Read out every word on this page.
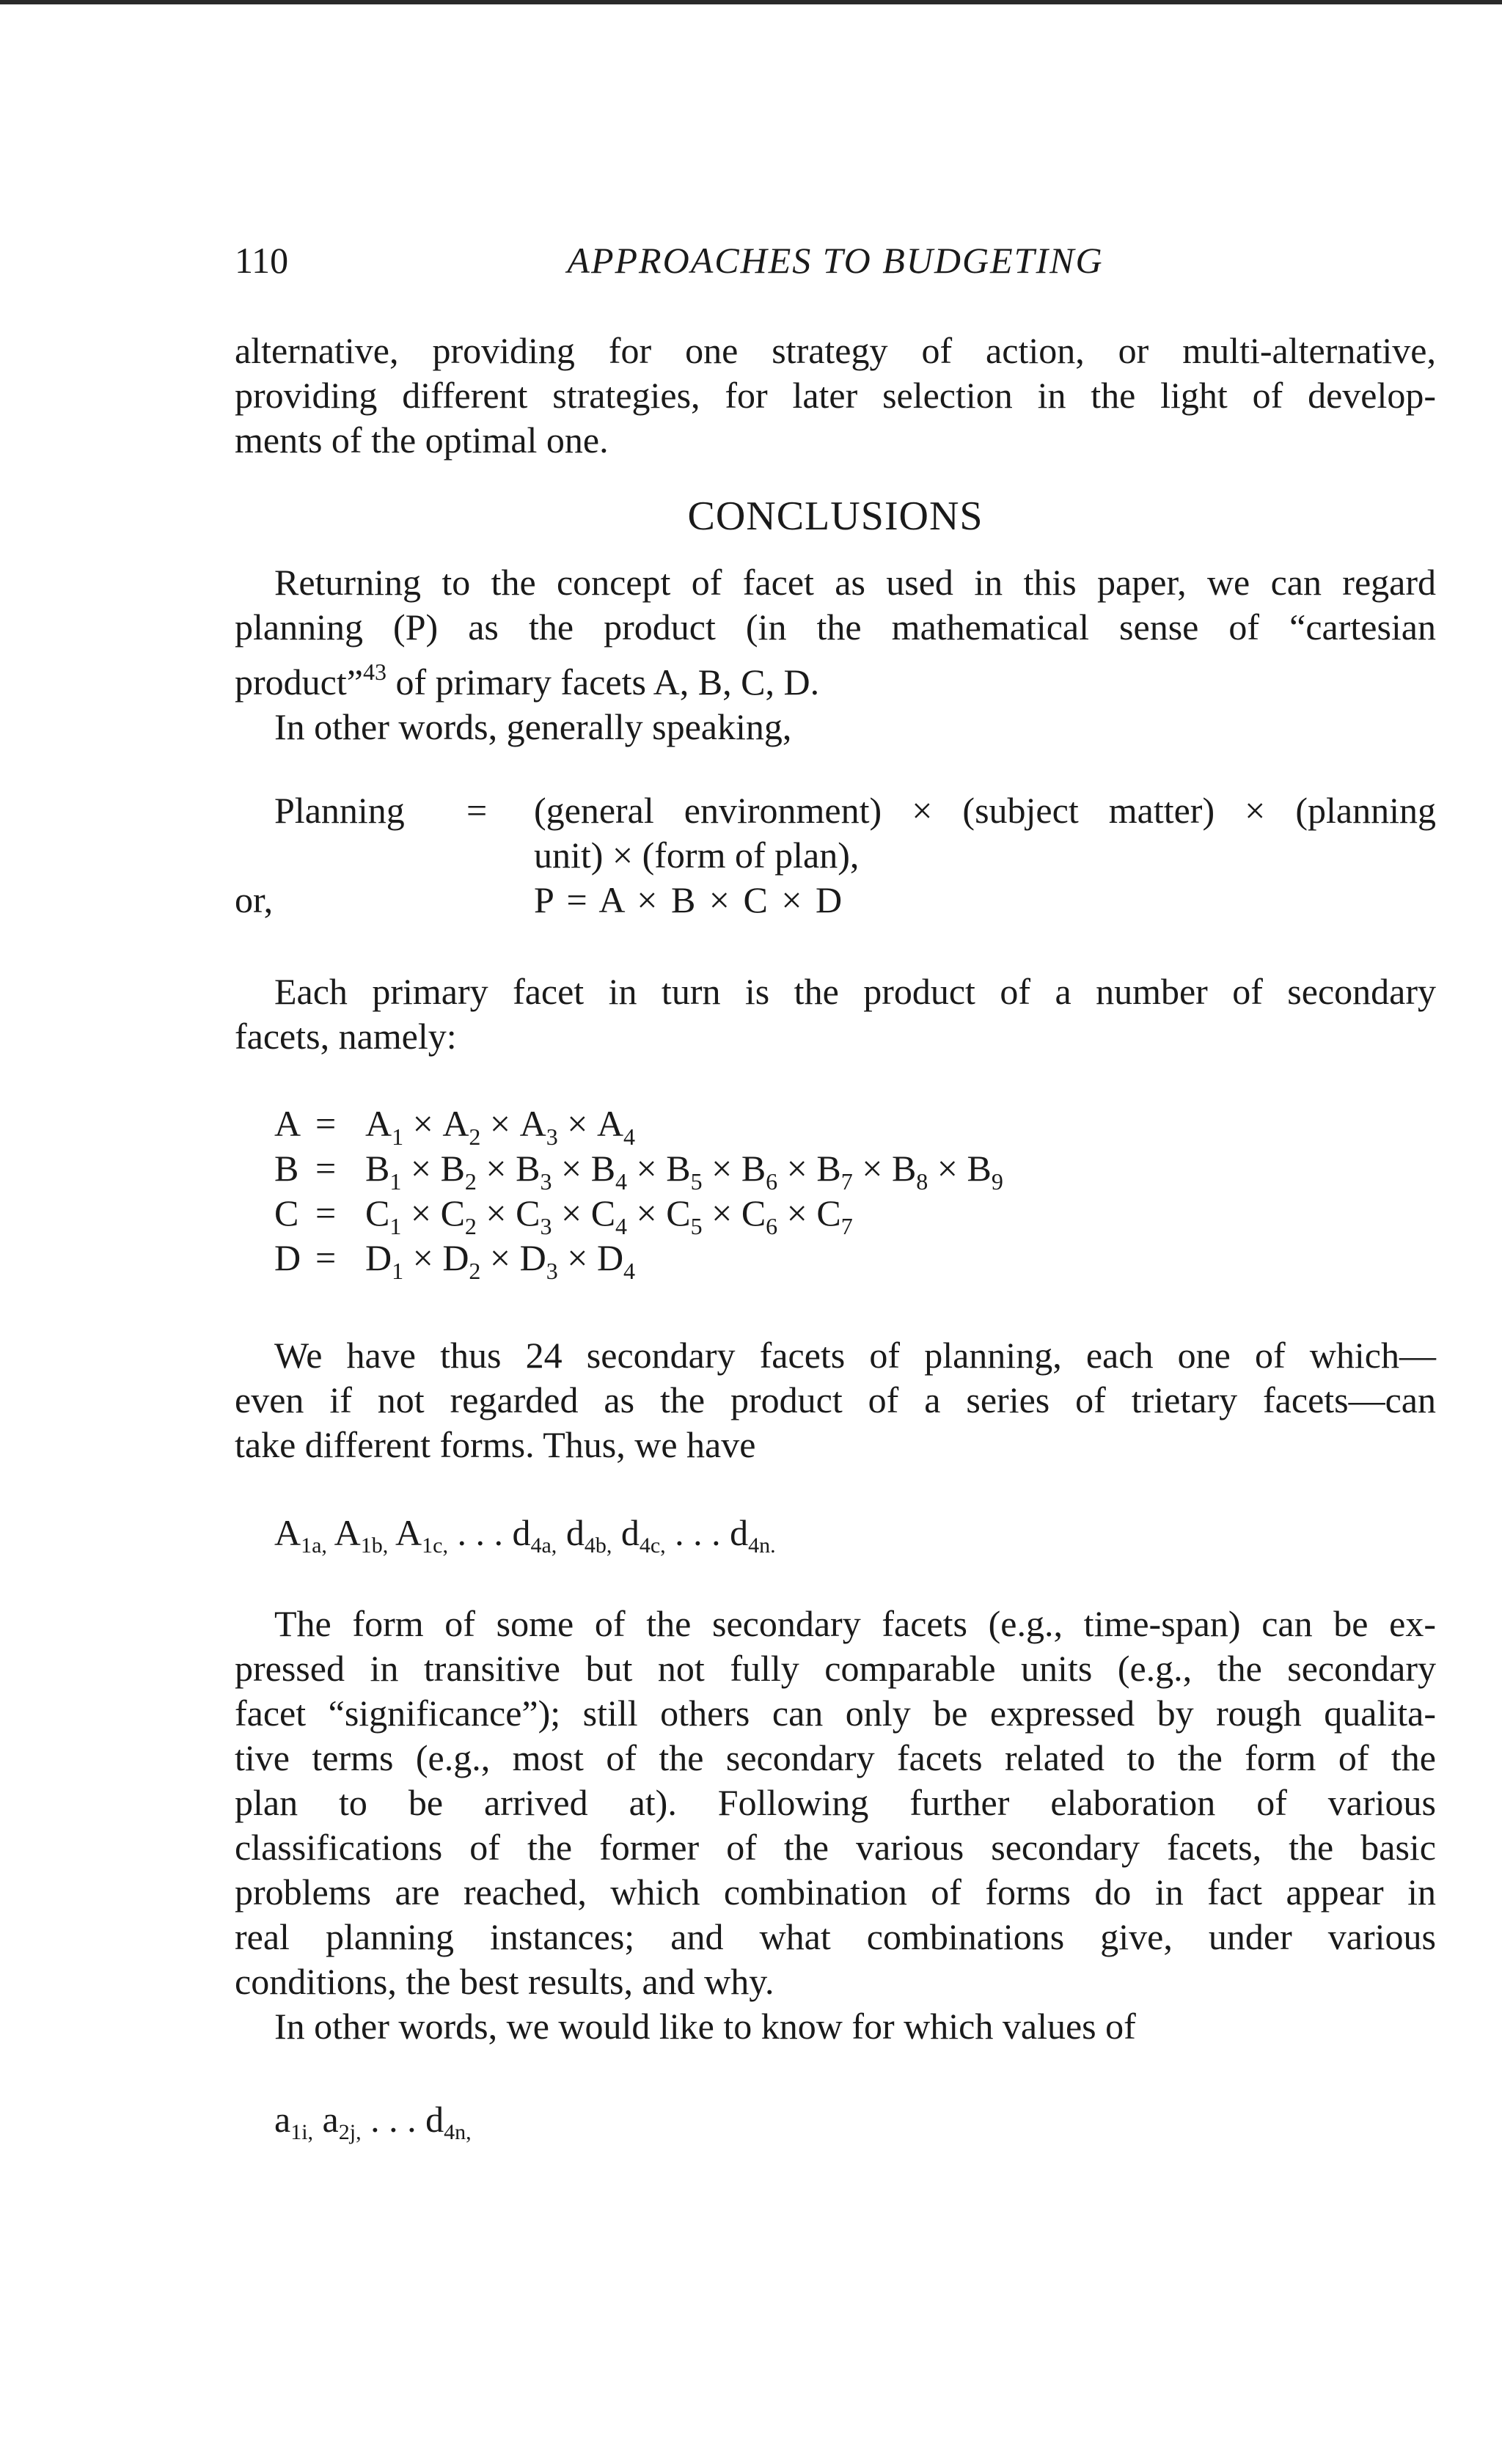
110	APPROACHES TO BUDGETING
alternative, providing for one strategy of action, or multi-alternative,
providing different strategies, for later selection in the light of develop-
ments of the optimal one.
CONCLUSIONS
Returning to the concept of facet as used in this paper, we can regard
planning (P) as the product (in the mathematical sense of “cartesian
product”$^{43}$ of primary facets A, B, C, D.
In other words, generally speaking,
Planning = (general environment) × (subject matter) × (planning
unit) × (form of plan),
or,	P = A × B × C × D
Each primary facet in turn is the product of a number of secondary
facets, namely:
$A = A_1 \times A_2 \times A_3 \times A_4$
$B = B_1 \times B_2 \times B_3 \times B_4 \times B_5 \times B_6 \times B_7 \times B_8 \times B_9$
$C = C_1 \times C_2 \times C_3 \times C_4 \times C_5 \times C_6 \times C_7$
$D = D_1 \times D_2 \times D_3 \times D_4$
We have thus 24 secondary facets of planning, each one of which—
even if not regarded as the product of a series of trietary facets—can
take different forms. Thus, we have
$A_{1a,}$ $A_{1b,}$ $A_{1c,}$ . . . $d_{4a,}$ $d_{4b,}$ $d_{4c,}$ . . . $d_{4n.}$
The form of some of the secondary facets (e.g., time-span) can be ex-
pressed in transitive but not fully comparable units (e.g., the secondary
facet “significance”); still others can only be expressed by rough qualita-
tive terms (e.g., most of the secondary facets related to the form of the
plan to be arrived at). Following further elaboration of various
classifications of the former of the various secondary facets, the basic
problems are reached, which combination of forms do in fact appear in
real planning instances; and what combinations give, under various
conditions, the best results, and why.
In other words, we would like to know for which values of
$a_{1i,}$ $a_{2j,}$ . . . $d_{4n,}$
